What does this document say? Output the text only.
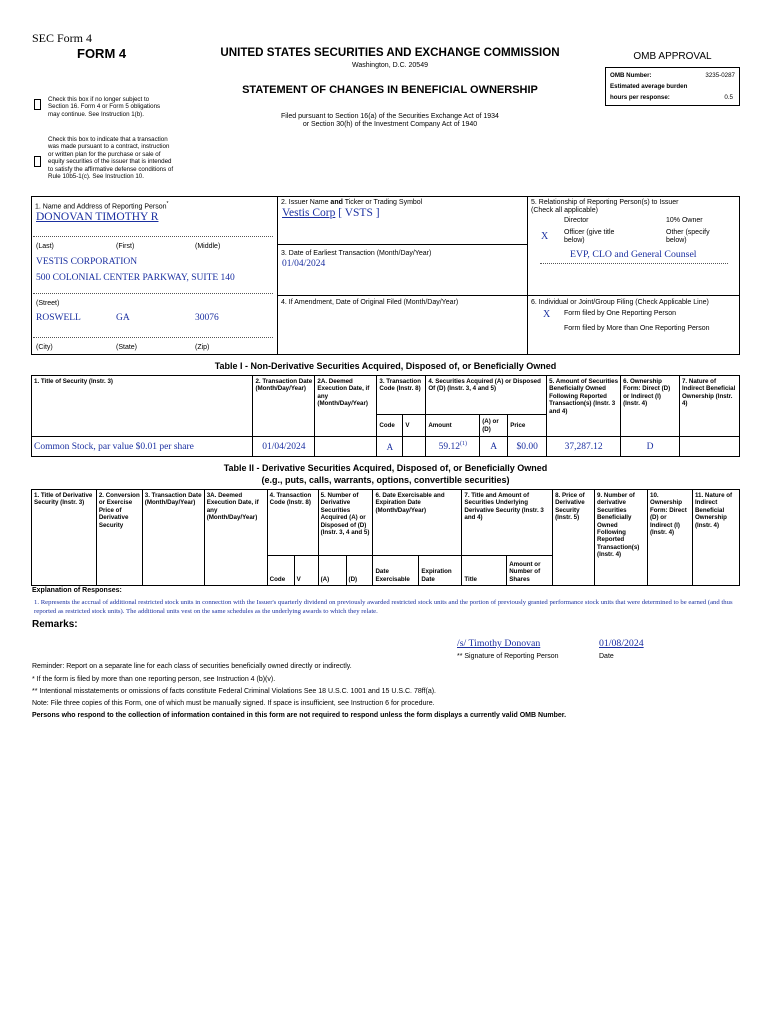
SEC Form 4
FORM 4	UNITED STATES SECURITIES AND EXCHANGE COMMISSION
Washington, D.C. 20549
STATEMENT OF CHANGES IN BENEFICIAL OWNERSHIP
Filed pursuant to Section 16(a) of the Securities Exchange Act of 1934
or Section 30(h) of the Investment Company Act of 1940
OMB APPROVAL
OMB Number:	3235-0287
Estimated average burden
hours per response:	0.5
Check this box if no longer subject to Section 16. Form 4 or Form 5 obligations may continue. See Instruction 1(b).
Check this box to indicate that a transaction was made pursuant to a contract, instruction or written plan for the purchase or sale of equity securities of the issuer that is intended to satisfy the affirmative defense conditions of Rule 10b5-1(c). See Instruction 10.
1. Name and Address of Reporting Person*
DONOVAN TIMOTHY R
(Last)	(First)	(Middle)
VESTIS CORPORATION
500 COLONIAL CENTER PARKWAY, SUITE 140
(Street)
ROSWELL	GA	30076
(City)	(State)	(Zip)
2. Issuer Name and Ticker or Trading Symbol
Vestis Corp [ VSTS ]
3. Date of Earliest Transaction (Month/Day/Year)
01/04/2024
4. If Amendment, Date of Original Filed (Month/Day/Year)
5. Relationship of Reporting Person(s) to Issuer
(Check all applicable)
Director	10% Owner
X Officer (give title
below)
Other (specify
below)
EVP, CLO and General Counsel
6. Individual or Joint/Group Filing (Check Applicable Line)
X Form filed by One Reporting Person
Form filed by More than One Reporting Person
Table I - Non-Derivative Securities Acquired, Disposed of, or Beneficially Owned
1. Title of Security (Instr. 3)	2. Transaction Date (Month/Day/Year)	2A. Deemed Execution Date, if any (Month/Day/Year)	3. Transaction Code (Instr. 8)		4. Securities Acquired (A) or Disposed Of (D) (Instr. 3, 4 and 5)			5. Amount of Securities Beneficially Owned Following Reported Transaction(s) (Instr. 3 and 4)	6. Ownership Form: Direct (D) or Indirect (I) (Instr. 4)	7. Nature of Indirect Beneficial Ownership (Instr. 4)
			Code	V	Amount	(A) or (D)	Price			
Common Stock, par value $0.01 per share	01/04/2024		A		59.12$^{(1)}$	A	$0.00	37,287.12	D	
Table II - Derivative Securities Acquired, Disposed of, or Beneficially Owned
(e.g., puts, calls, warrants, options, convertible securities)
1. Title of Derivative Security (Instr. 3)	2. Conversion or Exercise Price of Derivative Security	3. Transaction Date (Month/Day/Year)	3A. Deemed Execution Date, if any (Month/Day/Year)	4. Transaction Code (Instr. 8)		5. Number of Derivative Securities Acquired (A) or Disposed of (D) (Instr. 3, 4 and 5)		6. Date Exercisable and Expiration Date (Month/Day/Year)		7. Title and Amount of Securities Underlying Derivative Security (Instr. 3 and 4)		8. Price of Derivative Security (Instr. 5)	9. Number of derivative Securities Beneficially Owned Following Reported Transaction(s) (Instr. 4)	10. Ownership Form: Direct (D) or Indirect (I) (Instr. 4)	11. Nature of Indirect Beneficial Ownership (Instr. 4)
				Code	V	(A)	(D)	Date Exercisable	Expiration Date	Title	Amount or Number of Shares				
Explanation of Responses:
1. Represents the accrual of additional restricted stock units in connection with the Issuer's quarterly dividend on previously awarded restricted stock units and the portion of previously granted performance stock units that were determined to be earned (and thus reported as restricted stock units). The additional units vest on the same schedules as the underlying awards to which they relate.
Remarks:
/s/ Timothy Donovan	01/08/2024
** Signature of Reporting Person	Date
Reminder: Report on a separate line for each class of securities beneficially owned directly or indirectly.
* If the form is filed by more than one reporting person, see Instruction 4 (b)(v).
** Intentional misstatements or omissions of facts constitute Federal Criminal Violations See 18 U.S.C. 1001 and 15 U.S.C. 78ff(a).
Note: File three copies of this Form, one of which must be manually signed. If space is insufficient, see Instruction 6 for procedure.
Persons who respond to the collection of information contained in this form are not required to respond unless the form displays a currently valid OMB Number.
